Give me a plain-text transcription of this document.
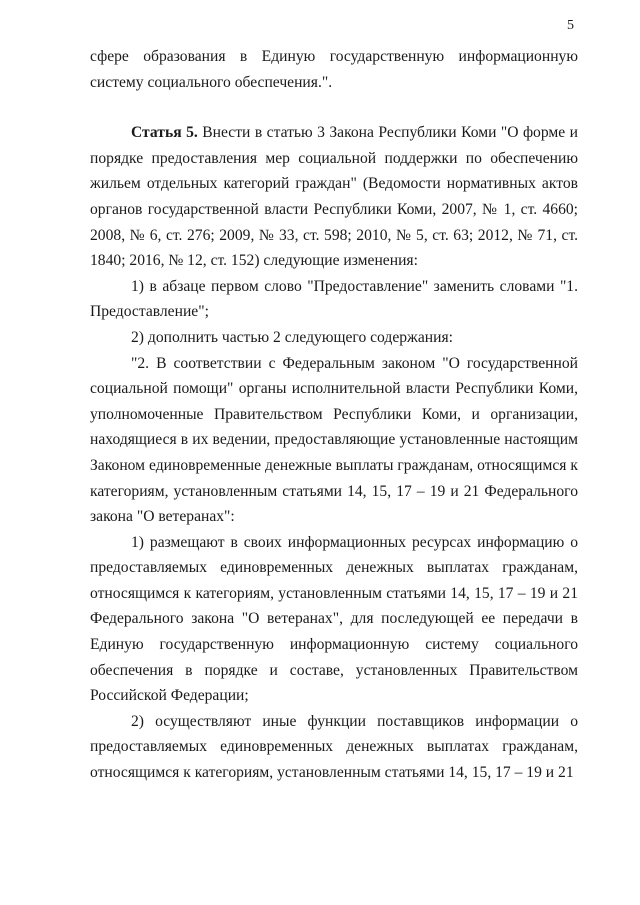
5

сфере образования в Единую государственную информационную систему социального обеспечения.".

Статья 5. Внести в статью 3 Закона Республики Коми "О форме и порядке предоставления мер социальной поддержки по обеспечению жильем отдельных категорий граждан" (Ведомости нормативных актов органов государственной власти Республики Коми, 2007, № 1, ст. 4660; 2008, № 6, ст. 276; 2009, № 33, ст. 598; 2010, № 5, ст. 63; 2012, № 71, ст. 1840; 2016, № 12, ст. 152) следующие изменения:

1) в абзаце первом слово "Предоставление" заменить словами "1. Предоставление";

2) дополнить частью 2 следующего содержания:

"2. В соответствии с Федеральным законом "О государственной социальной помощи" органы исполнительной власти Республики Коми, уполномоченные Правительством Республики Коми, и организации, находящиеся в их ведении, предоставляющие установленные настоящим Законом единовременные денежные выплаты гражданам, относящимся к категориям, установленным статьями 14, 15, 17 – 19 и 21 Федерального закона "О ветеранах":

1) размещают в своих информационных ресурсах информацию о предоставляемых единовременных денежных выплатах гражданам, относящимся к категориям, установленным статьями 14, 15, 17 – 19 и 21 Федерального закона "О ветеранах", для последующей ее передачи в Единую государственную информационную систему социального обеспечения в порядке и составе, установленных Правительством Российской Федерации;

2) осуществляют иные функции поставщиков информации о предоставляемых единовременных денежных выплатах гражданам, относящимся к категориям, установленным статьями 14, 15, 17 – 19 и 21
